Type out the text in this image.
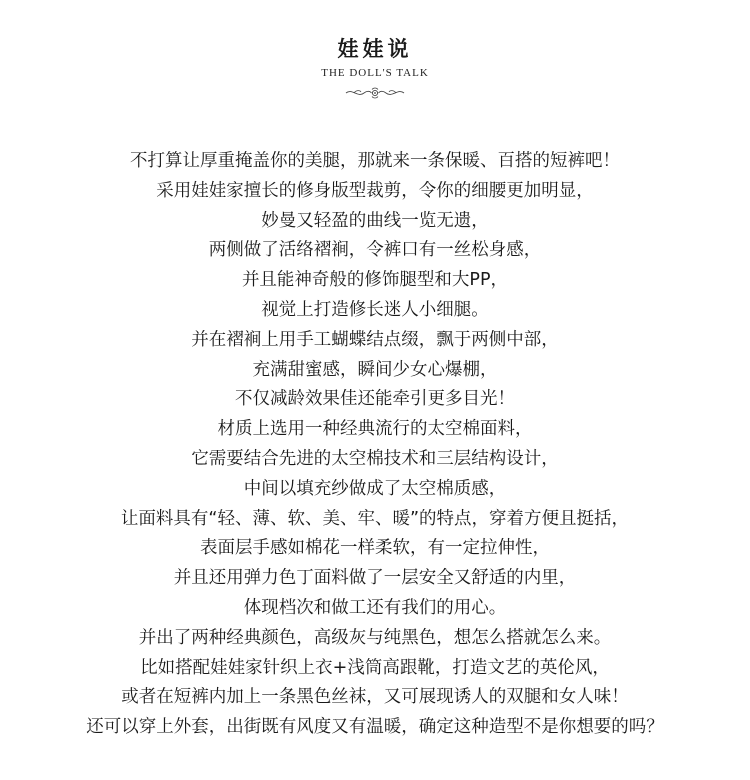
娃娃说
THE DOLL'S TALK
不打算让厚重掩盖你的美腿，那就来一条保暖、百搭的短裤吧！
采用娃娃家擅长的修身版型裁剪，令你的细腰更加明显，
妙曼又轻盈的曲线一览无遗，
两侧做了活络褶裥，令裤口有一丝松身感，
并且能神奇般的修饰腿型和大PP，
视觉上打造修长迷人小细腿。
并在褶裥上用手工蝴蝶结点缀，飘于两侧中部，
充满甜蜜感，瞬间少女心爆棚，
不仅减龄效果佳还能牵引更多目光！
材质上选用一种经典流行的太空棉面料，
它需要结合先进的太空棉技术和三层结构设计，
中间以填充纱做成了太空棉质感，
让面料具有“轻、薄、软、美、牢、暖”的特点，穿着方便且挺括，
表面层手感如棉花一样柔软，有一定拉伸性，
并且还用弹力色丁面料做了一层安全又舒适的内里，
体现档次和做工还有我们的用心。
并出了两种经典颜色，高级灰与纯黑色，想怎么搭就怎么来。
比如搭配娃娃家针织上衣+浅筒高跟靴，打造文艺的英伦风，
或者在短裤内加上一条黑色丝袜，又可展现诱人的双腿和女人味！
还可以穿上外套，出街既有风度又有温暖，确定这种造型不是你想要的吗？
